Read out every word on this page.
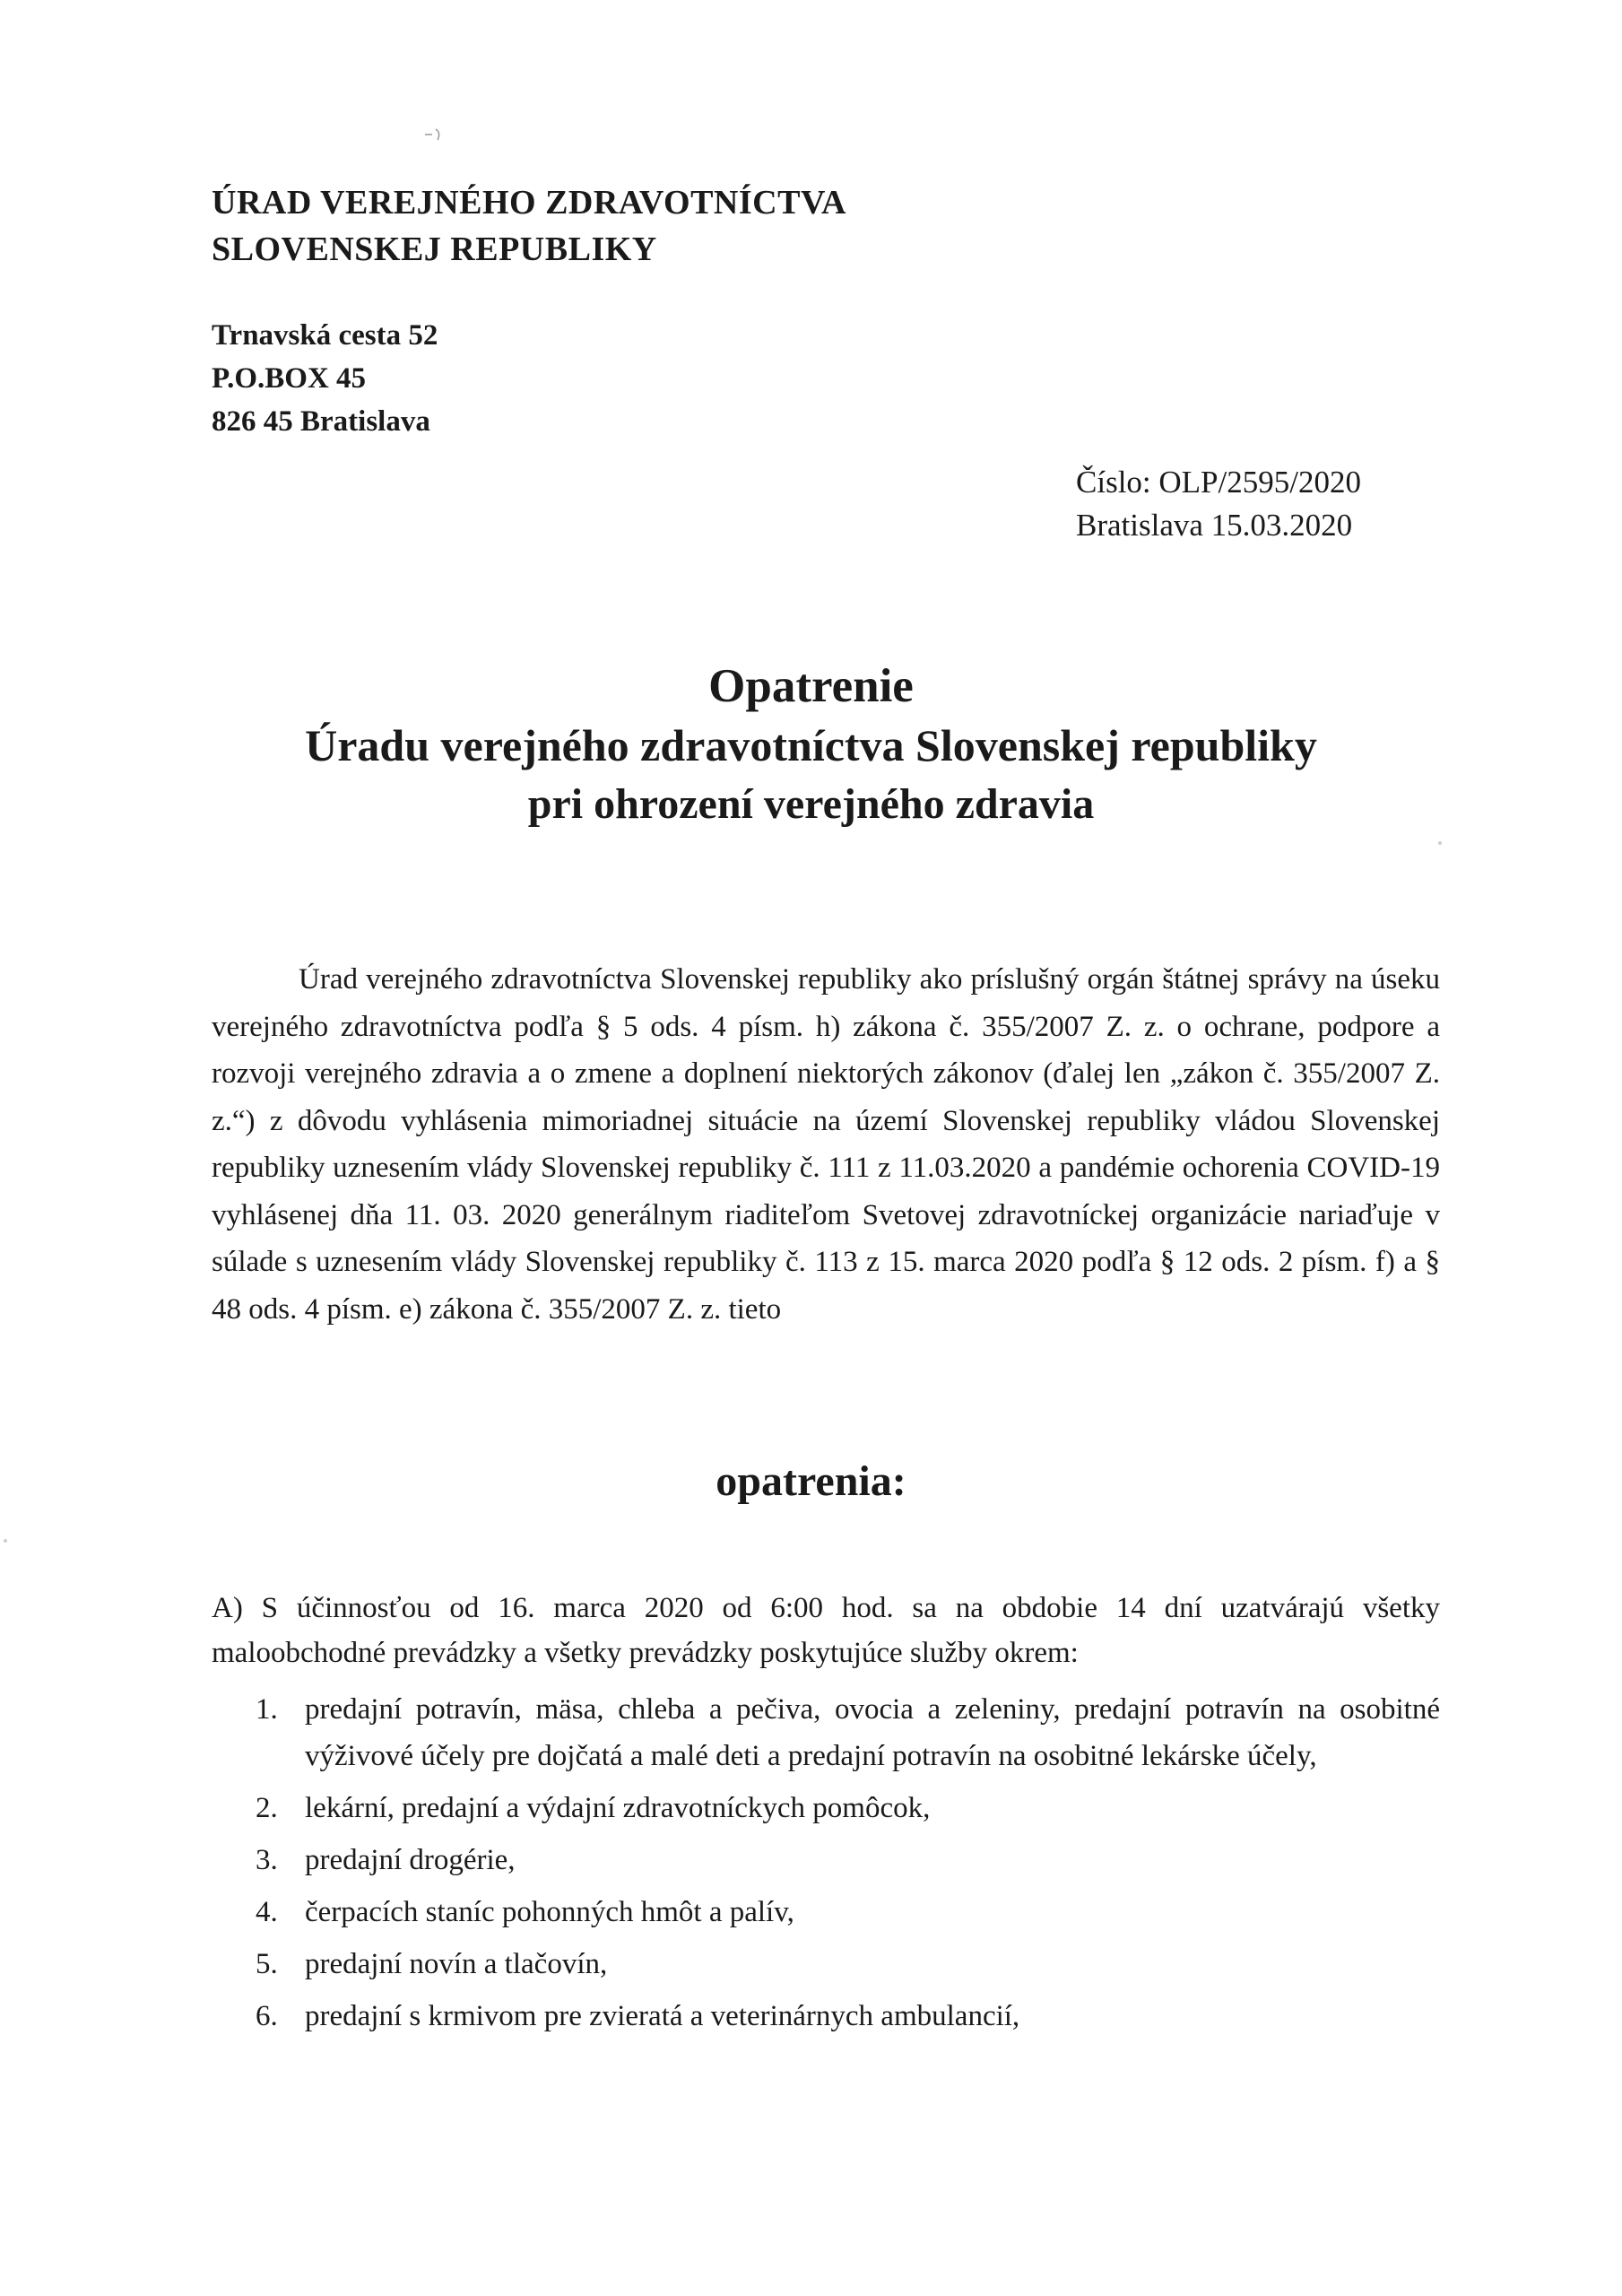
ÚRAD VEREJNÉHO ZDRAVOTNÍCTVA
SLOVENSKEJ REPUBLIKY
Trnavská cesta 52
P.O.BOX 45
826 45 Bratislava
Číslo: OLP/2595/2020
Bratislava 15.03.2020
Opatrenie
Úradu verejného zdravotníctva Slovenskej republiky
pri ohrození verejného zdravia
Úrad verejného zdravotníctva Slovenskej republiky ako príslušný orgán štátnej správy na úseku verejného zdravotníctva podľa § 5 ods. 4 písm. h) zákona č. 355/2007 Z. z. o ochrane, podpore a rozvoji verejného zdravia a o zmene a doplnení niektorých zákonov (ďalej len „zákon č. 355/2007 Z. z.“) z dôvodu vyhlásenia mimoriadnej situácie na území Slovenskej republiky vládou Slovenskej republiky uznesením vlády Slovenskej republiky č. 111 z 11.03.2020 a pandémie ochorenia COVID-19 vyhlásenej dňa 11. 03. 2020 generálnym riaditeľom Svetovej zdravotníckej organizácie nariaďuje v súlade s uznesením vlády Slovenskej republiky č. 113 z 15. marca 2020 podľa § 12 ods. 2 písm. f) a § 48 ods. 4 písm. e) zákona č. 355/2007 Z. z. tieto
opatrenia:
A) S účinnosťou od 16. marca 2020 od 6:00 hod. sa na obdobie 14 dní uzatvárajú všetky
maloobchodné prevádzky a všetky prevádzky poskytujúce služby okrem:
1. predajní potravín, mäsa, chleba a pečiva, ovocia a zeleniny, predajní potravín na osobitné výživové účely pre dojčatá a malé deti a predajní potravín na osobitné lekárske účely,
2. lekární, predajní a výdajní zdravotníckych pomôcok,
3. predajní drogérie,
4. čerpacích staníc pohonných hmôt a palív,
5. predajní novín a tlačovín,
6. predajní s krmivom pre zvieratá a veterinárnych ambulancií,
